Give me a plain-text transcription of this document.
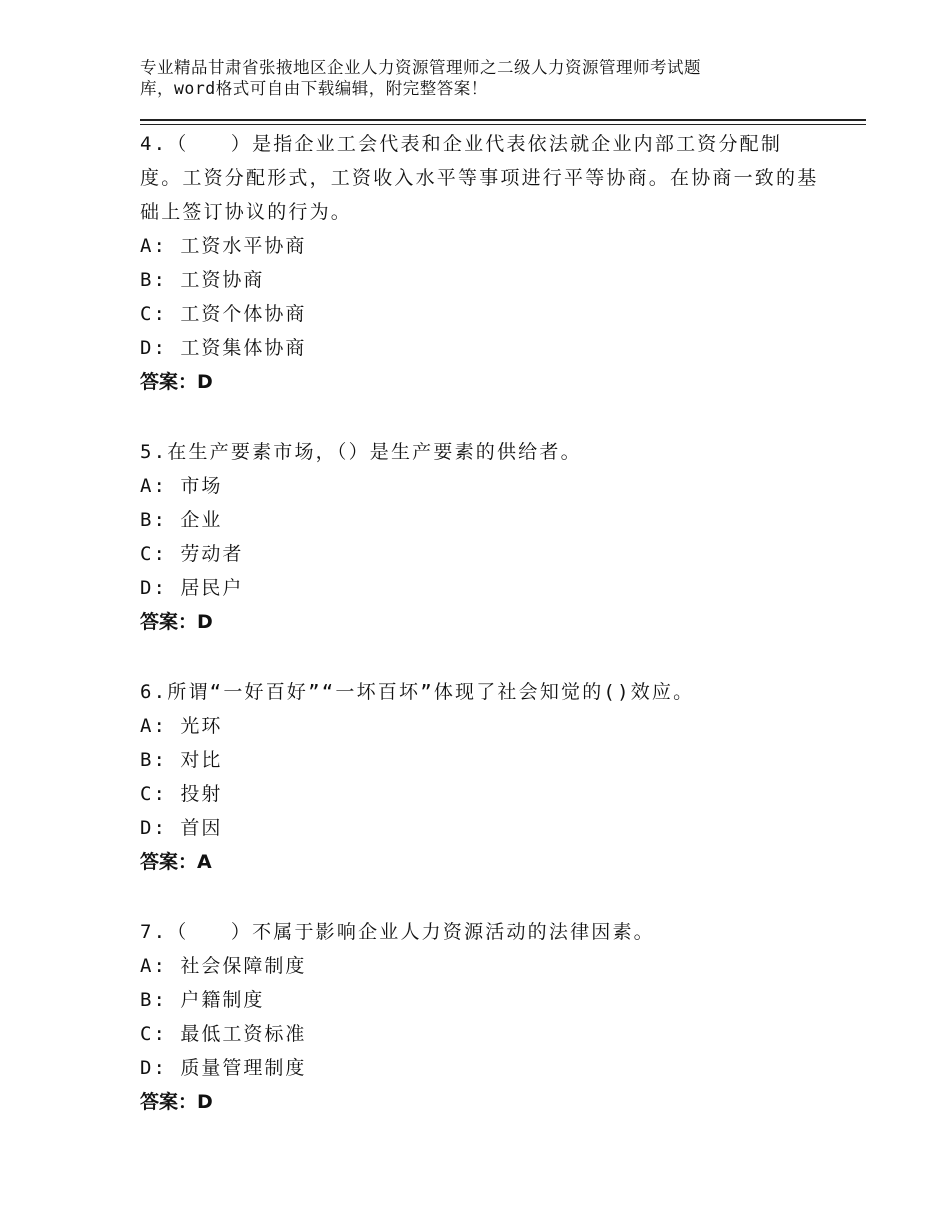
专业精品甘肃省张掖地区企业人力资源管理师之二级人力资源管理师考试题
库，word格式可自由下载编辑，附完整答案！

4.（　　）是指企业工会代表和企业代表依法就企业内部工资分配制度。工资分配形式，工资收入水平等事项进行平等协商。在协商一致的基础上签订协议的行为。

A: 工资水平协商

B: 工资协商

C: 工资个体协商

D: 工资集体协商

答案：D

5.在生产要素市场，（）是生产要素的供给者。

A: 市场

B: 企业

C: 劳动者

D: 居民户

答案：D

6.所谓“一好百好”“一坏百坏”体现了社会知觉的()效应。

A: 光环

B: 对比

C: 投射

D: 首因

答案：A

7.（　　）不属于影响企业人力资源活动的法律因素。

A: 社会保障制度

B: 户籍制度

C: 最低工资标准

D: 质量管理制度

答案：D
